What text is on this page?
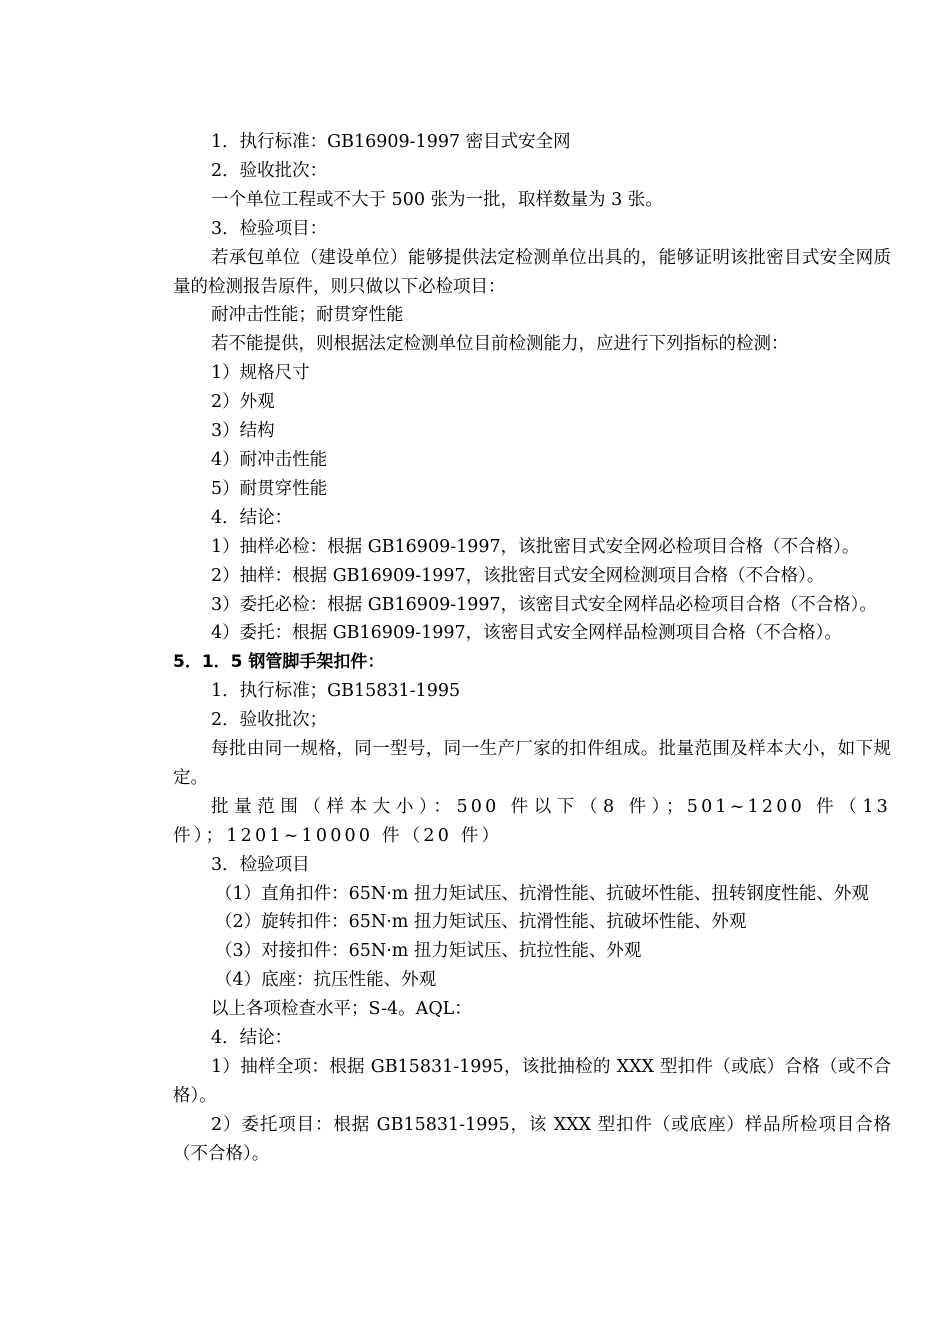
1．执行标准：GB16909-1997 密目式安全网

2．验收批次：

一个单位工程或不大于 500 张为一批，取样数量为 3 张。

3．检验项目：

若承包单位（建设单位）能够提供法定检测单位出具的，能够证明该批密目式安全网质量的检测报告原件，则只做以下必检项目：

耐冲击性能；耐贯穿性能

若不能提供，则根据法定检测单位目前检测能力，应进行下列指标的检测：

1）规格尺寸

2）外观

3）结构

4）耐冲击性能

5）耐贯穿性能

4．结论：

1）抽样必检：根据 GB16909-1997，该批密目式安全网必检项目合格（不合格）。

2）抽样：根据 GB16909-1997，该批密目式安全网检测项目合格（不合格）。

3）委托必检：根据 GB16909-1997，该密目式安全网样品必检项目合格（不合格）。

4）委托：根据 GB16909-1997，该密目式安全网样品检测项目合格（不合格）。

5．1．5 钢管脚手架扣件：

1．执行标准；GB15831-1995

2．验收批次；

每批由同一规格，同一型号，同一生产厂家的扣件组成。批量范围及样本大小，如下规定。

批量范围（样本大小）：500 件以下（8 件）；501~1200 件（13 件）；1201~10000 件（20 件）

3．检验项目

（1）直角扣件：65N·m 扭力矩试压、抗滑性能、抗破坏性能、扭转钢度性能、外观

（2）旋转扣件：65N·m 扭力矩试压、抗滑性能、抗破坏性能、外观

（3）对接扣件：65N·m 扭力矩试压、抗拉性能、外观

（4）底座：抗压性能、外观

以上各项检查水平；S-4。AQL：

4．结论：

1）抽样全项：根据 GB15831-1995，该批抽检的 XXX 型扣件（或底）合格（或不合格）。

2）委托项目：根据 GB15831-1995，该 XXX 型扣件（或底座）样品所检项目合格（不合格）。
